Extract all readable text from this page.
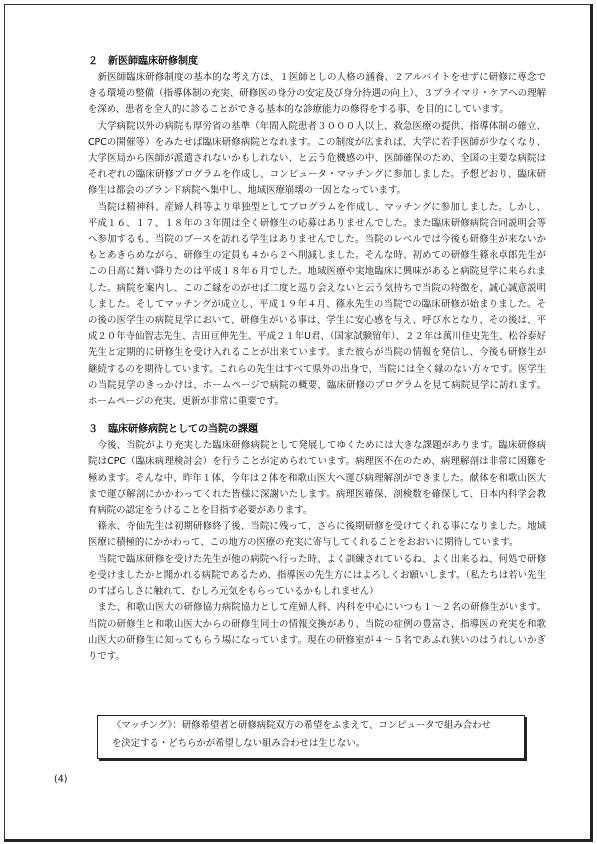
２　新医師臨床研修制度

　新医師臨床研修制度の基本的な考え方は、１医師としの人格の涵養、２アルバイトをせずに研修に専念できる環境の整備（指導体制の充実、研修医の身分の安定及び身分待遇の向上）、３プライマリ・ケアへの理解を深め、患者を全人的に診ることができる基本的な診療能力の修得をする事、を目的にしています。

　大学病院以外の病院も厚労省の基準（年間入院患者３０００人以上、救急医療の提供、指導体制の確立、CPCの開催等）をみたせば臨床研修病院となれます。この制度が広まれば、大学に若手医師が少なくなり、大学医局から医師が派遣されないかもしれない、と云う危機感の中、医師確保のため、全国の主要な病院はそれぞれの臨床研修プログラムを作成し、コンピュータ・マッチングに参加しました。予想どおり、臨床研修生は都会のブランド病院へ集中し、地域医療崩壊の一因となっています。

　当院は精神科、産婦人科等より単独型としてプログラムを作成し、マッチングに参加しました。しかし、平成１６、１７、１８年の３年間は全く研修生の応募はありませんでした。また臨床研修病院合同説明会等へ参加するも、当院のブースを訪れる学生はありませんでした。当院のレベルでは今後も研修生が来ないかもとあきらめながら、研修生の定員も４から２へ削減しました。そんな時、初めての研修生篠永卓郎先生がこの日高に舞い降りたのは平成１８年６月でした。地域医療や実地臨床に興味があると病院見学に来られました。病院を案内し、このご縁をのがせば二度と巡り会えないと云う気持ちで当院の特徴を、誠心誠意説明しました。そしてマッチングが成立し、平成１９年４月、篠永先生の当院での臨床研修が始まりました。その後の医学生の病院見学において、研修生がいる事は、学生に安心感を与え、呼び水となり、その後は、平成２０年寺仙智志先生、吉田亘伸先生、平成２１年U君、（国家試験留年）、２２年は萬川佳史先生、松谷泰好先生と定期的に研修生を受け入れることが出来ています。また彼らが当院の情報を発信し、今後も研修生が継続するのを期待しています。これらの先生はすべて県外の出身で、当院には全く縁のない方々です。医学生の当院見学のきっかけは、ホームページで病院の概要、臨床研修のプログラムを見て病院見学に訪れます。ホームページの充実、更新が非常に重要です。

３　臨床研修病院としての当院の課題

　今後、当院がより充実した臨床研修病院として発展してゆくためには大きな課題があります。臨床研修病院はCPC（臨床病理検討会）を行うことが定められています。病理医不在のため、病理解剖は非常に困難を極めます。そんな中、昨年１体、今年は２体を和歌山医大へ運び病理解剖ができました。献体を和歌山医大まで運び解剖にかかわってくれた皆様に深謝いたします。病理医確保、剖検数を確保して、日本内科学会教育病院の認定をうけることを目指す必要があります。

　篠永、寺仙先生は初期研修終了後、当院に残って、さらに後期研修を受けてくれる事になりました。地域医療に積極的にかかわって、この地方の医療の充実に寄与してくれることをおおいに期待しています。

　当院で臨床研修を受けた先生が他の病院へ行った時、よく訓練されているね、よく出来るね、何処で研修を受けましたかと聞かれる病院であるため、指導医の先生方にはよろしくお願いします。（私たちは若い先生のすばらしさに触れて、むしろ元気をもらっているかもしれません）

　また、和歌山医大の研修協力病院協力として産婦人科、内科を中心にいつも１～２名の研修生がいます。当院の研修生と和歌山医大からの研修生同士の情報交換があり、当院の症例の豊富さ、指導医の充実を和歌山医大の研修生に知ってもらう場になっています。現在の研修室が４～５名であふれ狭いのはうれしいかぎりです。

《マッチング》：研修希望者と研修病院双方の希望をふまえて、コンピュータで組み合わせ

を決定する・どちらかが希望しない組み合わせは生じない。

(4)
